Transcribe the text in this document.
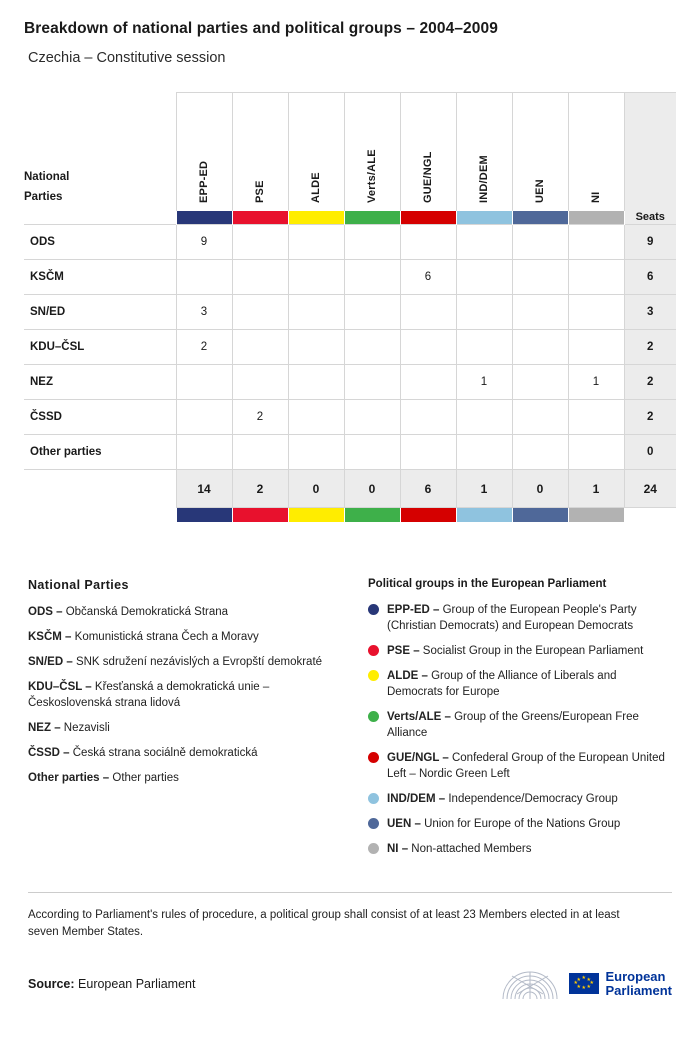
Breakdown of national parties and political groups – 2004–2009
Czechia – Constitutive session
National
Parties	EPP-ED	PSE	ALDE	Verts/ALE	GUE/NGL	IND/DEM	UEN	NI	

									Seats

ODS	9								9
KSČM					6				6
SN/ED	3								3
KDU–ČSL	2								2
NEZ						1		1	2
ČSSD		2							2
Other parties									0
	14	2	0	0	6	1	0	1	24

National Parties
ODS – Občanská Demokratická Strana
KSČM – Komunistická strana Čech a Moravy
SN/ED – SNK sdružení nezávislých a Evropští demokraté
KDU–ČSL – Křesťanská a demokratická unie – Československá strana lidová
NEZ – Nezavisli
ČSSD – Česká strana sociálně demokratická
Other parties – Other parties
Political groups in the European Parliament
EPP-ED – Group of the European People's Party (Christian Democrats) and European Democrats
PSE – Socialist Group in the European Parliament
ALDE – Group of the Alliance of Liberals and Democrats for Europe
Verts/ALE – Group of the Greens/European Free Alliance
GUE/NGL – Confederal Group of the European United Left – Nordic Green Left
IND/DEM – Independence/Democracy Group
UEN – Union for Europe of the Nations Group
NI – Non-attached Members
According to Parliament's rules of procedure, a political group shall consist of at least 23 Members elected in at least seven Member States.
Source: European Parliament	★ ★
★
★
★
★
★
★ European
Parliament
